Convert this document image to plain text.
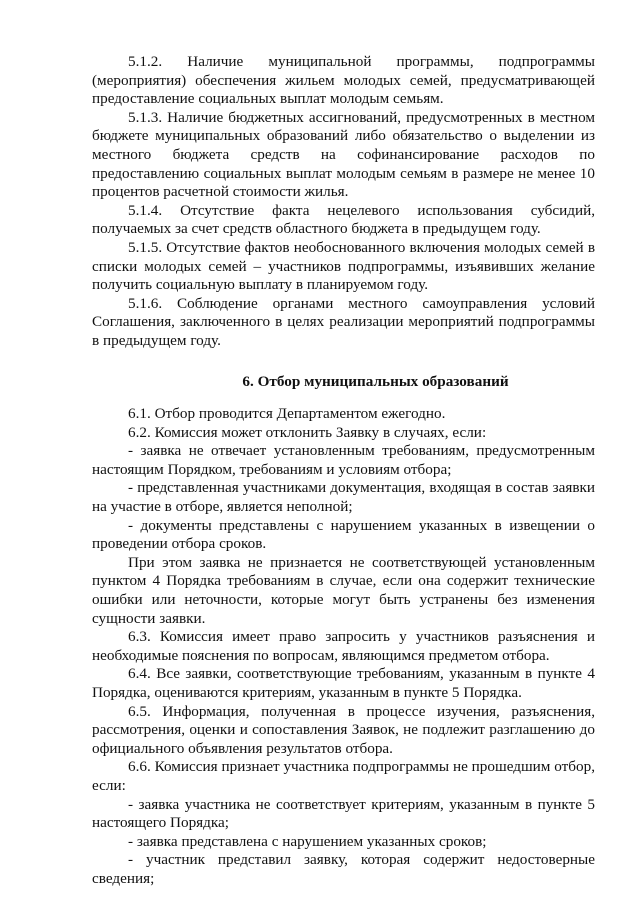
5.1.2. Наличие муниципальной программы, подпрограммы (мероприятия) обеспечения жильем молодых семей, предусматривающей предоставление социальных выплат молодым семьям.

5.1.3. Наличие бюджетных ассигнований, предусмотренных в местном бюджете муниципальных образований либо обязательство о выделении из местного бюджета средств на софинансирование расходов по предоставлению социальных выплат молодым семьям в размере не менее 10 процентов расчетной стоимости жилья.

5.1.4. Отсутствие факта нецелевого использования субсидий, получаемых за счет средств областного бюджета в предыдущем году.

5.1.5. Отсутствие фактов необоснованного включения молодых семей в списки молодых семей – участников подпрограммы, изъявивших желание получить социальную выплату в планируемом году.

5.1.6. Соблюдение органами местного самоуправления условий Соглашения, заключенного в целях реализации мероприятий подпрограммы в предыдущем году.

6. Отбор муниципальных образований

6.1. Отбор проводится Департаментом ежегодно.

6.2. Комиссия может отклонить Заявку в случаях, если:

- заявка не отвечает установленным требованиям, предусмотренным настоящим Порядком, требованиям и условиям отбора;

- представленная участниками документация, входящая в состав заявки на участие в отборе, является неполной;

- документы представлены с нарушением указанных в извещении о проведении отбора сроков.

При этом заявка не признается не соответствующей установленным пунктом 4 Порядка требованиям в случае, если она содержит технические ошибки или неточности, которые могут быть устранены без изменения сущности заявки.

6.3. Комиссия имеет право запросить у участников разъяснения и необходимые пояснения по вопросам, являющимся предметом отбора.

6.4. Все заявки, соответствующие требованиям, указанным в пункте 4 Порядка, оцениваются критериям, указанным в пункте 5 Порядка.

6.5. Информация, полученная в процессе изучения, разъяснения, рассмотрения, оценки и сопоставления Заявок, не подлежит разглашению до официального объявления результатов отбора.

6.6. Комиссия признает участника подпрограммы не прошедшим отбор, если:

- заявка участника не соответствует критериям, указанным в пункте 5 настоящего Порядка;

- заявка представлена с нарушением указанных сроков;

- участник представил заявку, которая содержит недостоверные сведения;
